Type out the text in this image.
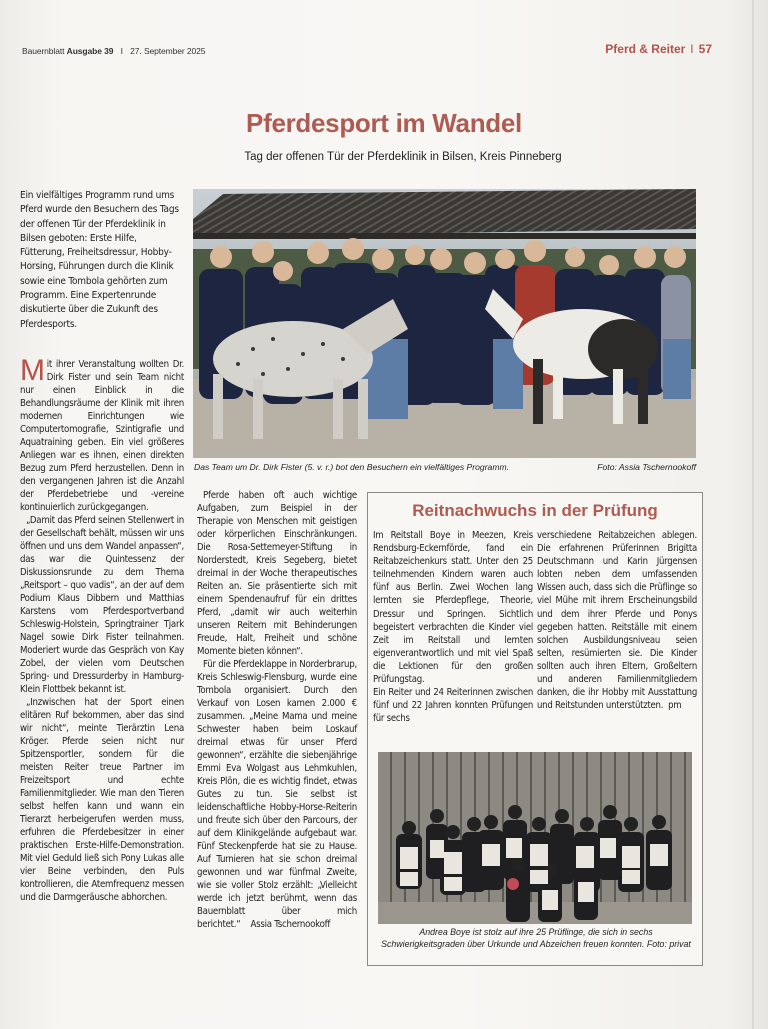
Bauernblatt Ausgabe 39 I 27. September 2025	Pferd & Reiter I 57
Pferdesport im Wandel
Tag der offenen Tür der Pferdeklinik in Bilsen, Kreis Pinneberg
Ein vielfältiges Programm rund ums Pferd wurde den Besuchern des Tags der offenen Tür der Pferdeklinik in Bilsen geboten: Erste Hilfe, Fütterung, Freiheitsdressur, Hobby-Horsing, Führungen durch die Klinik sowie eine Tombola gehörten zum Programm. Eine Expertenrunde diskutierte über die Zukunft des Pferdesports.

Mit ihrer Veranstaltung wollten Dr. Dirk Fister und sein Team nicht nur einen Einblick in die Behandlungsräume der Klinik mit ihren modernen Einrichtungen wie Computertomografie, Szintigrafie und Aquatraining geben. Ein viel größeres Anliegen war es ihnen, einen direkten Bezug zum Pferd herzustellen. Denn in den vergangenen Jahren ist die Anzahl der Pferdebetriebe und -vereine kontinuierlich zurückgegangen.

„Damit das Pferd seinen Stellenwert in der Gesellschaft behält, müssen wir uns öffnen und uns dem Wandel anpassen“, das war die Quintessenz der Diskussionsrunde zu dem Thema „Reitsport – quo vadis“, an der auf dem Podium Klaus Dibbern und Matthias Karstens vom Pferdesportverband Schleswig-Holstein, Springtrainer Tjark Nagel sowie Dirk Fister teilnahmen. Moderiert wurde das Gespräch von Kay Zobel, der vielen vom Deutschen Spring- und Dressurderby in Hamburg- Klein Flottbek bekannt ist.

„Inzwischen hat der Sport einen elitären Ruf bekommen, aber das sind wir nicht“, meinte Tierärztin Lena Kröger. Pferde seien nicht nur Spitzensportler, sondern für die meisten Reiter treue Partner im Freizeitsport und echte Familienmitglieder. Wie man den Tieren selbst helfen kann und wann ein Tierarzt herbeigerufen werden muss, erfuhren die Pferdebesitzer in einer praktischen Erste-Hilfe-Demonstration. Mit viel Geduld ließ sich Pony Lukas alle vier Beine verbinden, den Puls kontrollieren, die Atemfrequenz messen und die Darmgeräusche abhorchen.

Das Team um Dr. Dirk Fister (5. v. r.) bot den Besuchern ein vielfältiges Programm.	Foto: Assia Tschernookoff

Pferde haben oft auch wichtige Aufgaben, zum Beispiel in der Therapie von Menschen mit geistigen oder körperlichen Einschränkungen. Die Rosa-Settemeyer-Stiftung in Norderstedt, Kreis Segeberg, bietet dreimal in der Woche therapeutisches Reiten an. Sie präsentierte sich mit einem Spendenaufruf für ein drittes Pferd, „damit wir auch weiterhin unseren Reitern mit Behinderungen Freude, Halt, Freiheit und schöne Momente bieten können“.

Für die Pferdeklappe in Norderbrarup, Kreis Schleswig-Flensburg, wurde eine Tombola organisiert. Durch den Verkauf von Losen kamen 2.000 € zusammen. „Meine Mama und meine Schwester haben beim Loskauf dreimal etwas für unser Pferd gewonnen“, erzählte die siebenjährige Emmi Eva Wolgast aus Lehmkuhlen, Kreis Plön, die es wichtig findet, etwas Gutes zu tun. Sie selbst ist leidenschaftliche Hobby-Horse-Reiterin und freute sich über den Parcours, der auf dem Klinikgelände aufgebaut war. Fünf Steckenpferde hat sie zu Hause. Auf Turnieren hat sie schon dreimal gewonnen und war fünfmal Zweite, wie sie voller Stolz erzählt: „Vielleicht werde ich jetzt berühmt, wenn das Bauernblatt über mich berichtet.“ Assia Tschernookoff

Reitnachwuchs in der Prüfung

Im Reitstall Boye in Meezen, Kreis Rendsburg-Eckernförde, fand ein Reitabzeichenkurs statt. Unter den 25 teilnehmenden Kindern waren auch fünf aus Berlin. Zwei Wochen lang lernten sie Pferdepflege, Theorie, Dressur und Springen. Sichtlich begeistert verbrachten die Kinder viel Zeit im Reitstall und lernten eigenverantwortlich und mit viel Spaß die Lektionen für den großen Prüfungstag.

Ein Reiter und 24 Reiterinnen zwischen fünf und 22 Jahren konnten Prüfungen für sechs

verschiedene Reitabzeichen ablegen. Die erfahrenen Prüferinnen Brigitta Deutschmann und Karin Jürgensen lobten neben dem umfassenden Wissen auch, dass sich die Prüflinge so viel Mühe mit ihrem Erscheinungsbild und dem ihrer Pferde und Ponys gegeben hatten. Reitställe mit einem solchen Ausbildungsniveau seien selten, resümierten sie. Die Kinder sollten auch ihren Eltern, Großeltern und anderen Familienmitgliedern danken, die ihr Hobby mit Ausstattung und Reitstunden unterstützten. pm

Andrea Boye ist stolz auf ihre 25 Prüflinge, die sich in sechs Schwierigkeitsgraden über Urkunde und Abzeichen freuen konnten. Foto: privat
